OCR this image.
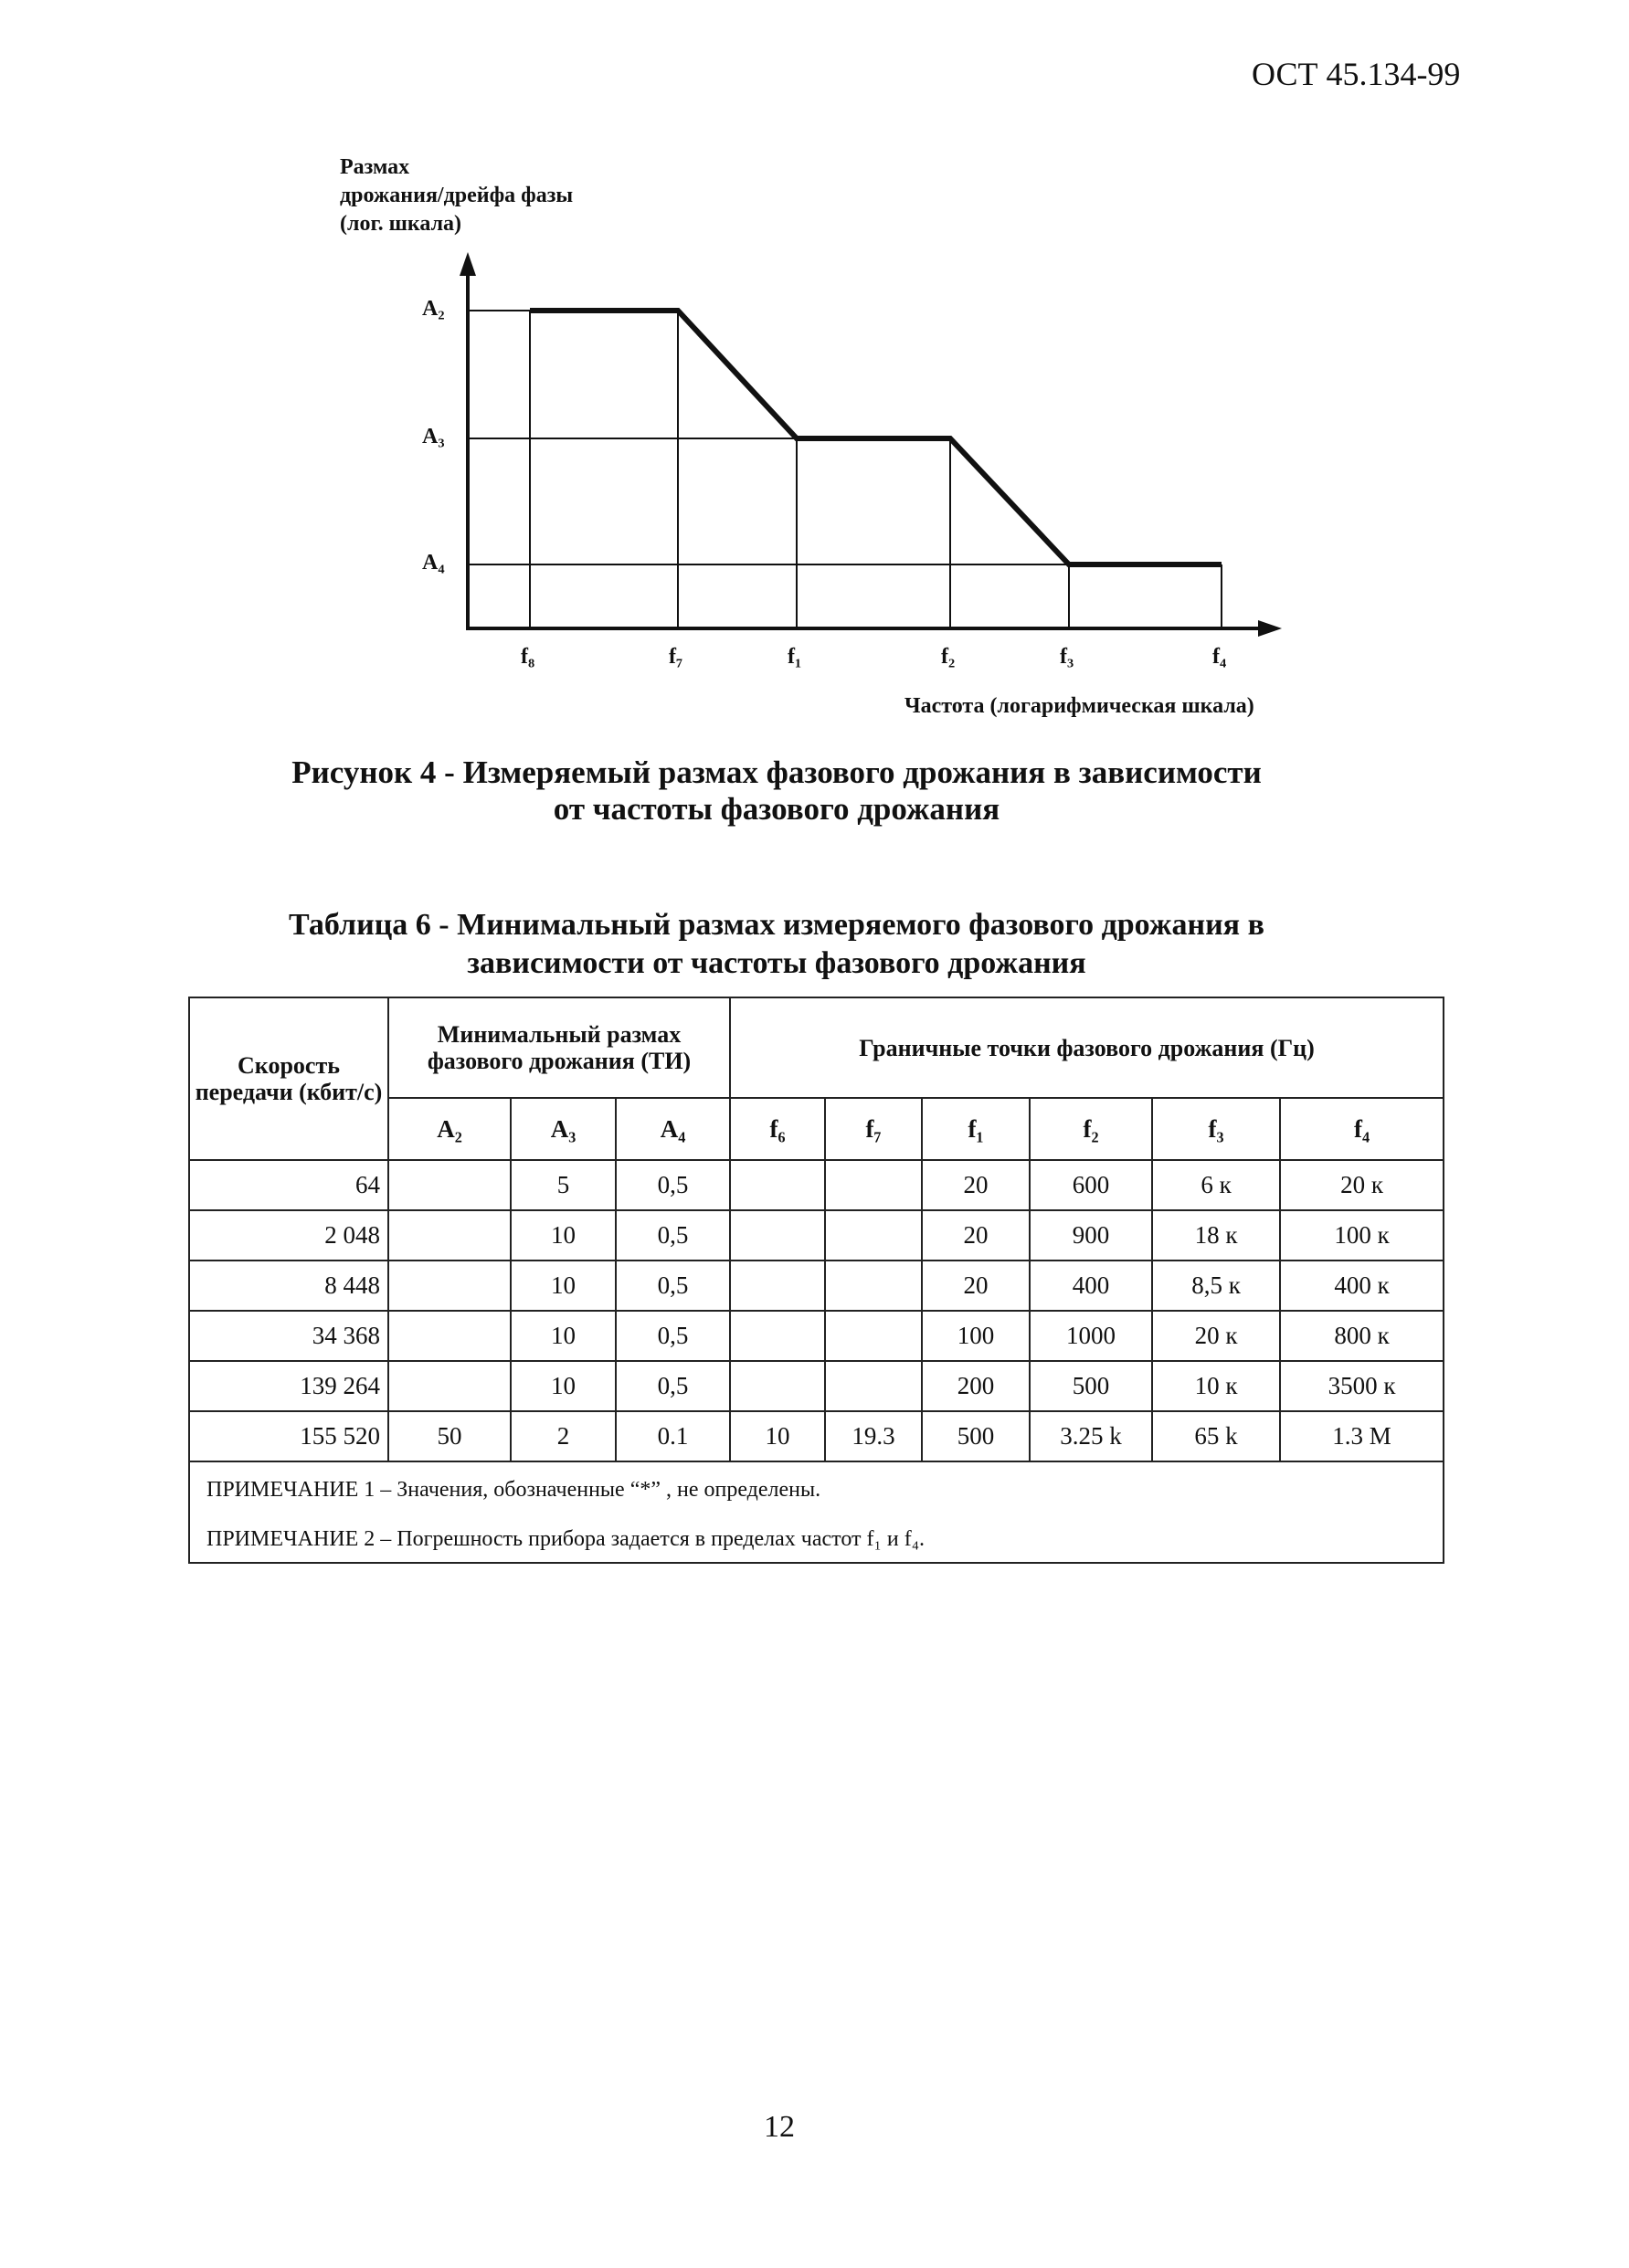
ОСТ 45.134-99
Размах
дрожания/дрейфа фазы
(лог. шкала)
A₂
A₃
A₄
f₈	f₇	f₁	f₂	f₃	f₄
Частота (логарифмическая шкала)
Рисунок 4 - Измеряемый размах фазового дрожания в зависимости
от частоты фазового дрожания
Таблица 6 - Минимальный размах измеряемого фазового дрожания в
зависимости от частоты фазового дрожания
Скорость передачи (кбит/с)	Минимальный размах фазового дрожания (ТИ)			Граничные точки фазового дрожания (Гц)					
	A₂	A₃	A₄	f₆	f₇	f₁	f₂	f₃	f₄
64		5	0,5			20	600	6 к	20 к
2 048		10	0,5			20	900	18 к	100 к
8 448		10	0,5			20	400	8,5 к	400 к
34 368		10	0,5			100	1000	20 к	800 к
139 264		10	0,5			200	500	10 к	3500 к
155 520	50	2	0.1	10	19.3	500	3.25 k	65 k	1.3 M

ПРИМЕЧАНИЕ 1 – Значения, обозначенные “*” , не определены.
ПРИМЕЧАНИЕ 2 – Погрешность прибора задается в пределах частот f₁ и f₄.									
12
